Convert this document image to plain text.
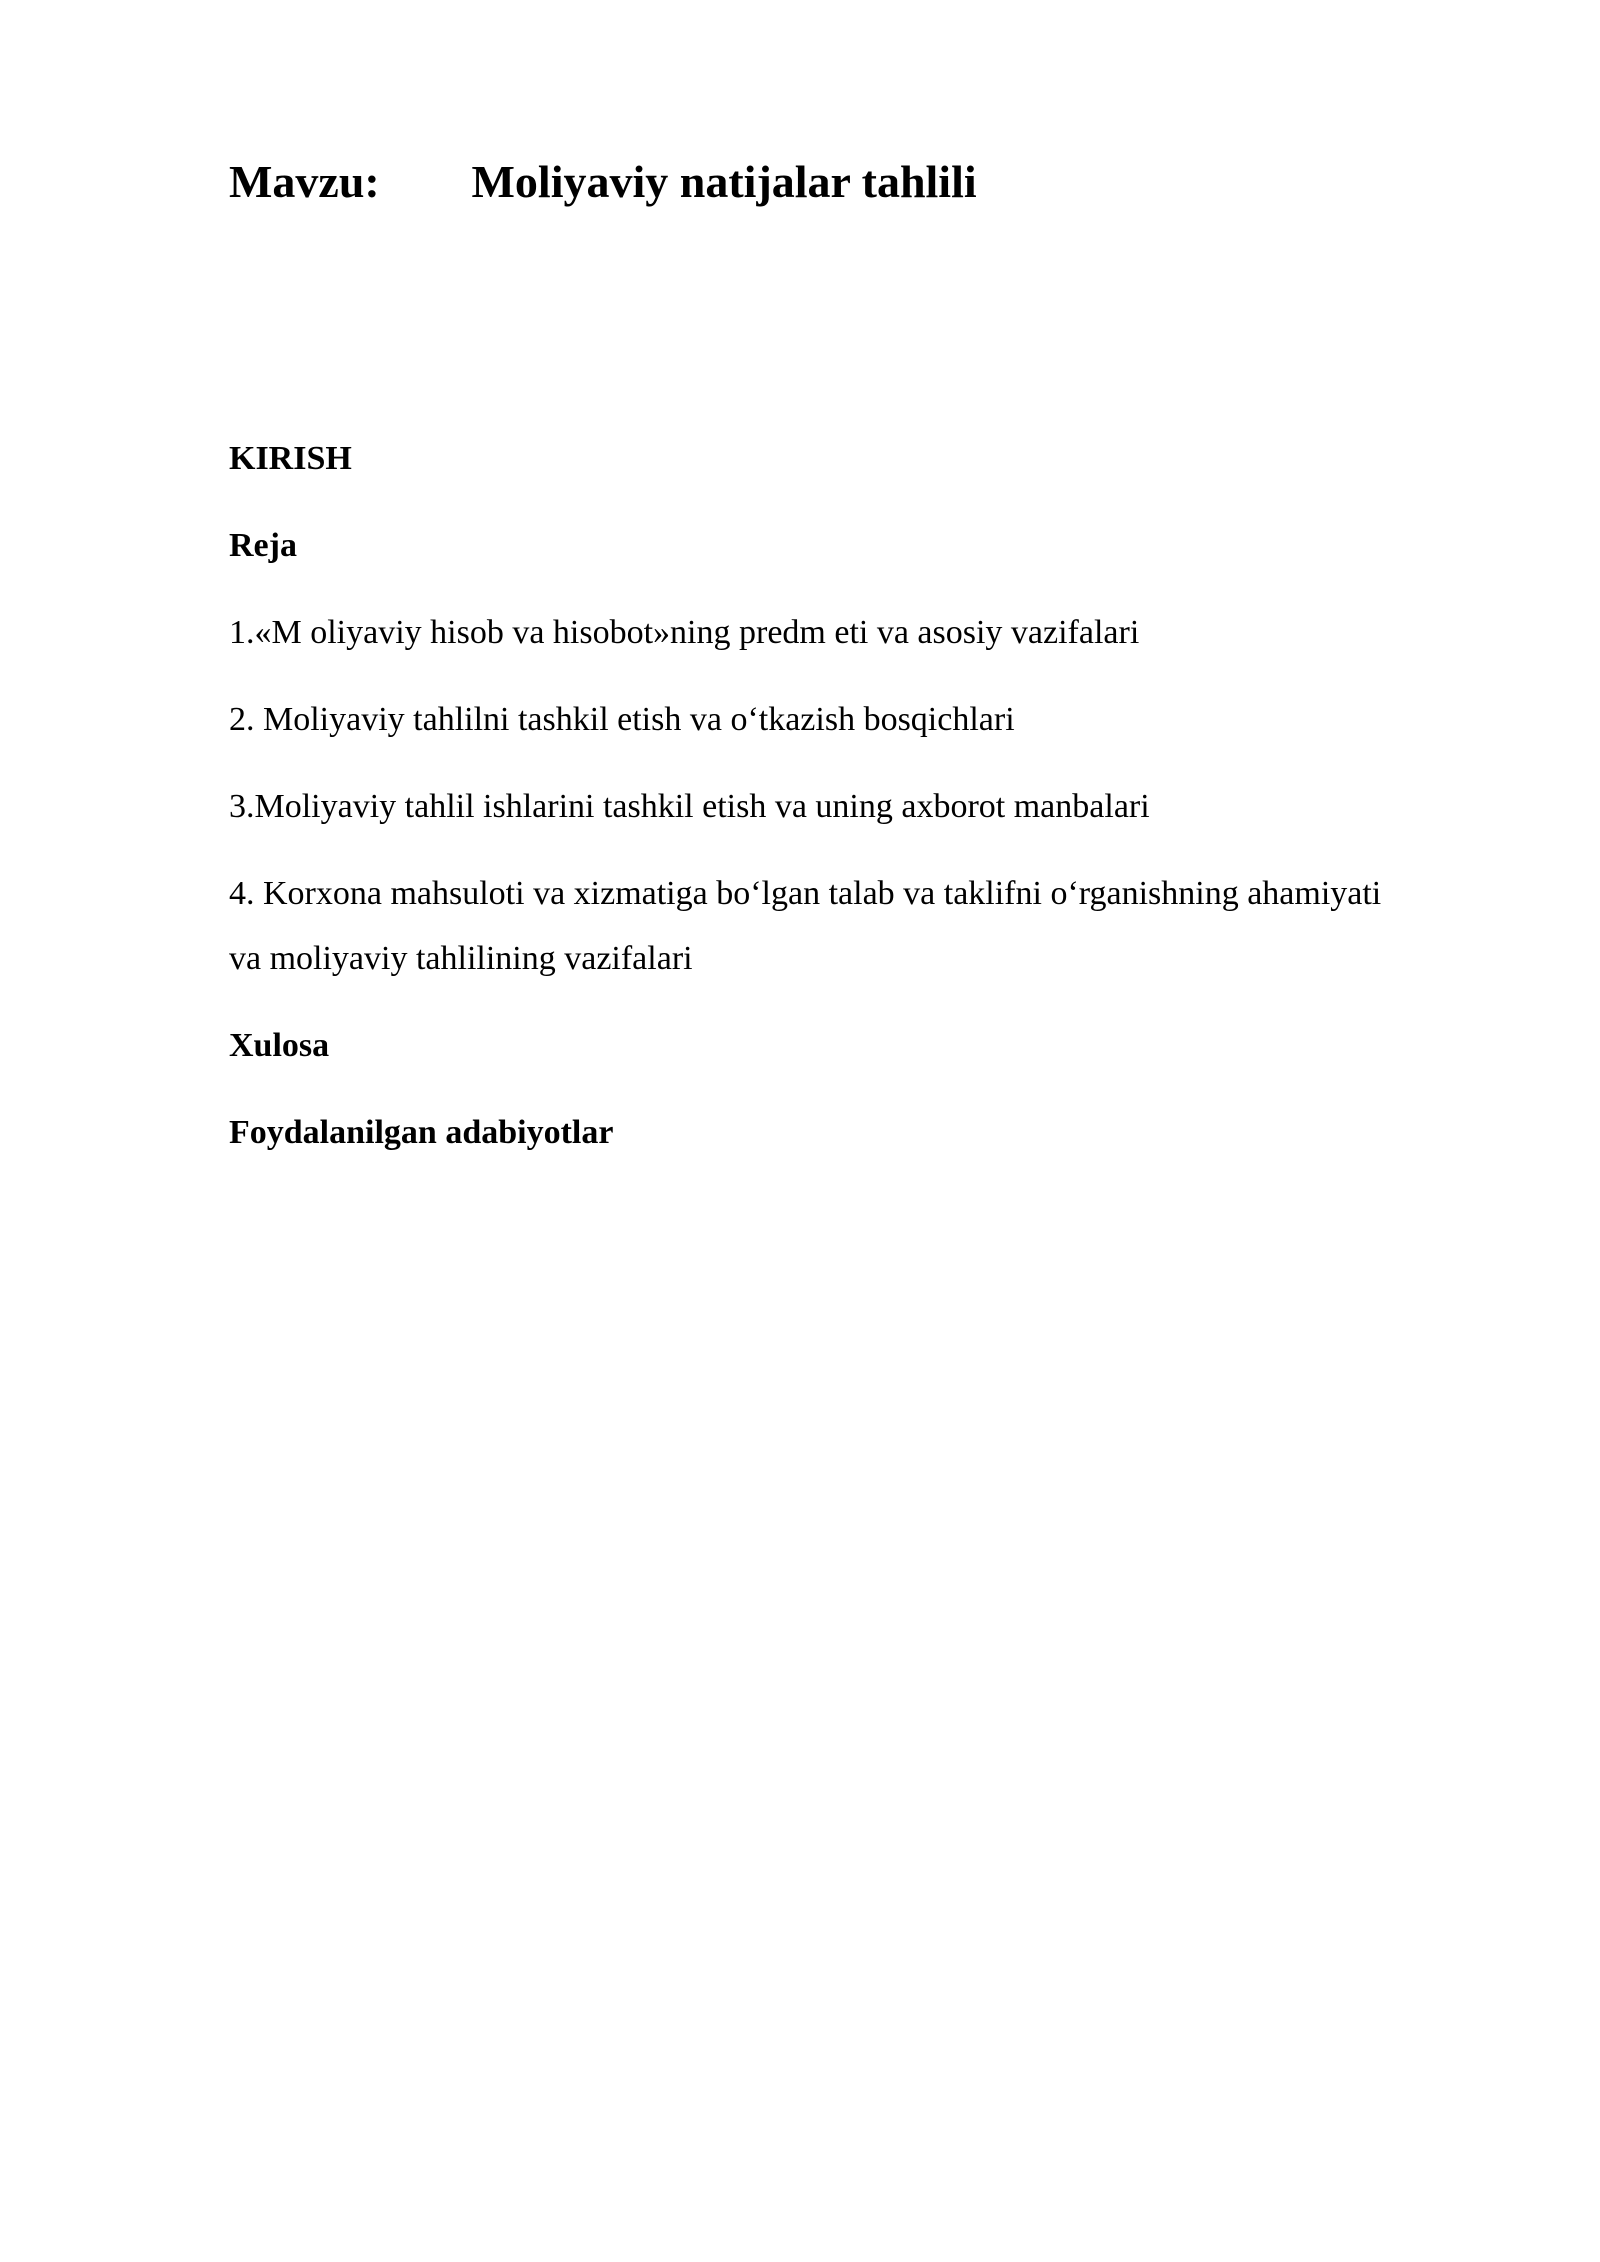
Mavzu: Moliyaviy natijalar tahlili
KIRISH
Reja
1.«M oliyaviy hisob va hisobot»ning predm eti va asosiy vazifalari
2. Moliyaviy tahlilni tashkil etish va o‘tkazish bosqichlari
3.Moliyaviy tahlil ishlarini tashkil etish va uning axborot manbalari
4. Korxona mahsuloti va xizmatiga bo‘lgan talab va taklifni o‘rganishning ahamiyati
va moliyaviy tahlilining vazifalari
Xulosa
Foydalanilgan adabiyotlar
